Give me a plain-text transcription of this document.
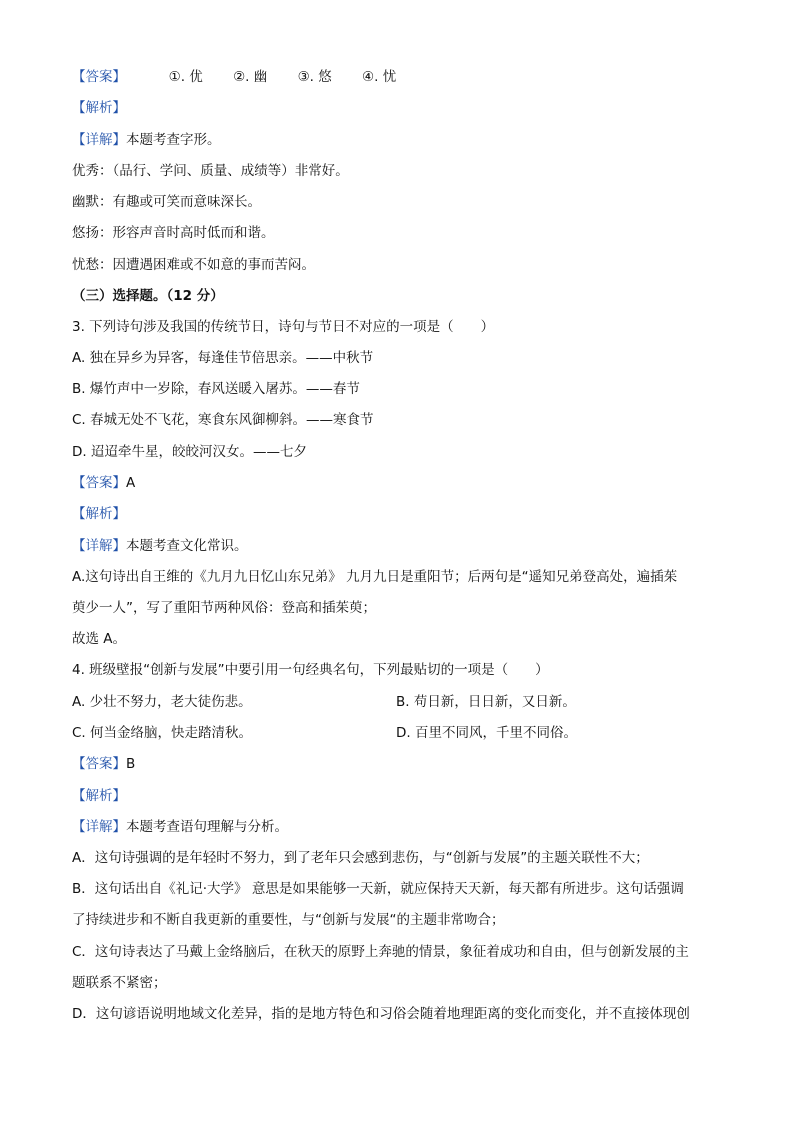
【答案】	①. 优 ②. 幽 ③. 悠 ④. 忧
【解析】
【详解】本题考查字形。
优秀：（品行、学问、质量、成绩等）非常好。
幽默：有趣或可笑而意味深长。
悠扬：形容声音时高时低而和谐。
忧愁：因遭遇困难或不如意的事而苦闷。
（三）选择题。（12 分）
3. 下列诗句涉及我国的传统节日，诗句与节日不对应的一项是（　　）
A. 独在异乡为异客，每逢佳节倍思亲。——中秋节
B. 爆竹声中一岁除，春风送暖入屠苏。——春节
C. 春城无处不飞花，寒食东风御柳斜。——寒食节
D. 迢迢牵牛星，皎皎河汉女。——七夕
【答案】A
【解析】
【详解】本题考查文化常识。
A.这句诗出自王维的《九月九日忆山东兄弟》 九月九日是重阳节；后两句是“遥知兄弟登高处，遍插茱
萸少一人”，写了重阳节两种风俗：登高和插茱萸；
故选 A。
4. 班级壁报“创新与发展”中要引用一句经典名句，下列最贴切的一项是（　　）
A. 少壮不努力，老大徒伤悲。	B. 苟日新，日日新，又日新。
C. 何当金络脑，快走踏清秋。	D. 百里不同风，千里不同俗。
【答案】B
【解析】
【详解】本题考查语句理解与分析。
A．这句诗强调的是年轻时不努力，到了老年只会感到悲伤，与“创新与发展”的主题关联性不大；
B．这句话出自《礼记·大学》 意思是如果能够一天新，就应保持天天新，每天都有所进步。这句话强调
了持续进步和不断自我更新的重要性，与“创新与发展“的主题非常吻合；
C．这句诗表达了马戴上金络脑后，在秋天的原野上奔驰的情景，象征着成功和自由，但与创新发展的主
题联系不紧密；
D．这句谚语说明地域文化差异，指的是地方特色和习俗会随着地理距离的变化而变化，并不直接体现创
